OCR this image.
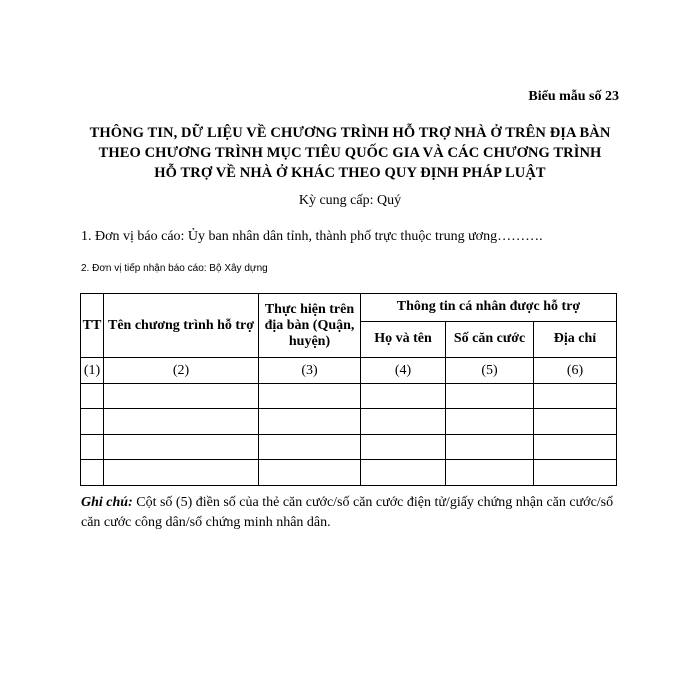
Biểu mẫu số 23
THÔNG TIN, DỮ LIỆU VỀ CHƯƠNG TRÌNH HỖ TRỢ NHÀ Ở TRÊN ĐỊA BÀN
THEO CHƯƠNG TRÌNH MỤC TIÊU QUỐC GIA VÀ CÁC CHƯƠNG TRÌNH
HỖ TRỢ VỀ NHÀ Ở KHÁC THEO QUY ĐỊNH PHÁP LUẬT
Kỳ cung cấp: Quý
1. Đơn vị báo cáo: Ủy ban nhân dân tỉnh, thành phố trực thuộc trung ương……….
2. Đơn vị tiếp nhận báo cáo: Bộ Xây dựng
TT	Tên chương trình hỗ trợ	Thực hiện trên địa bàn (Quận, huyện)	Thông tin cá nhân được hỗ trợ		
			Họ và tên	Số căn cước	Địa chỉ
(1)	(2)	(3)	(4)	(5)	(6)

Ghi chú: Cột số (5) điền số của thẻ căn cước/số căn cước điện tử/giấy chứng nhận căn cước/số căn cước công dân/số chứng minh nhân dân.
